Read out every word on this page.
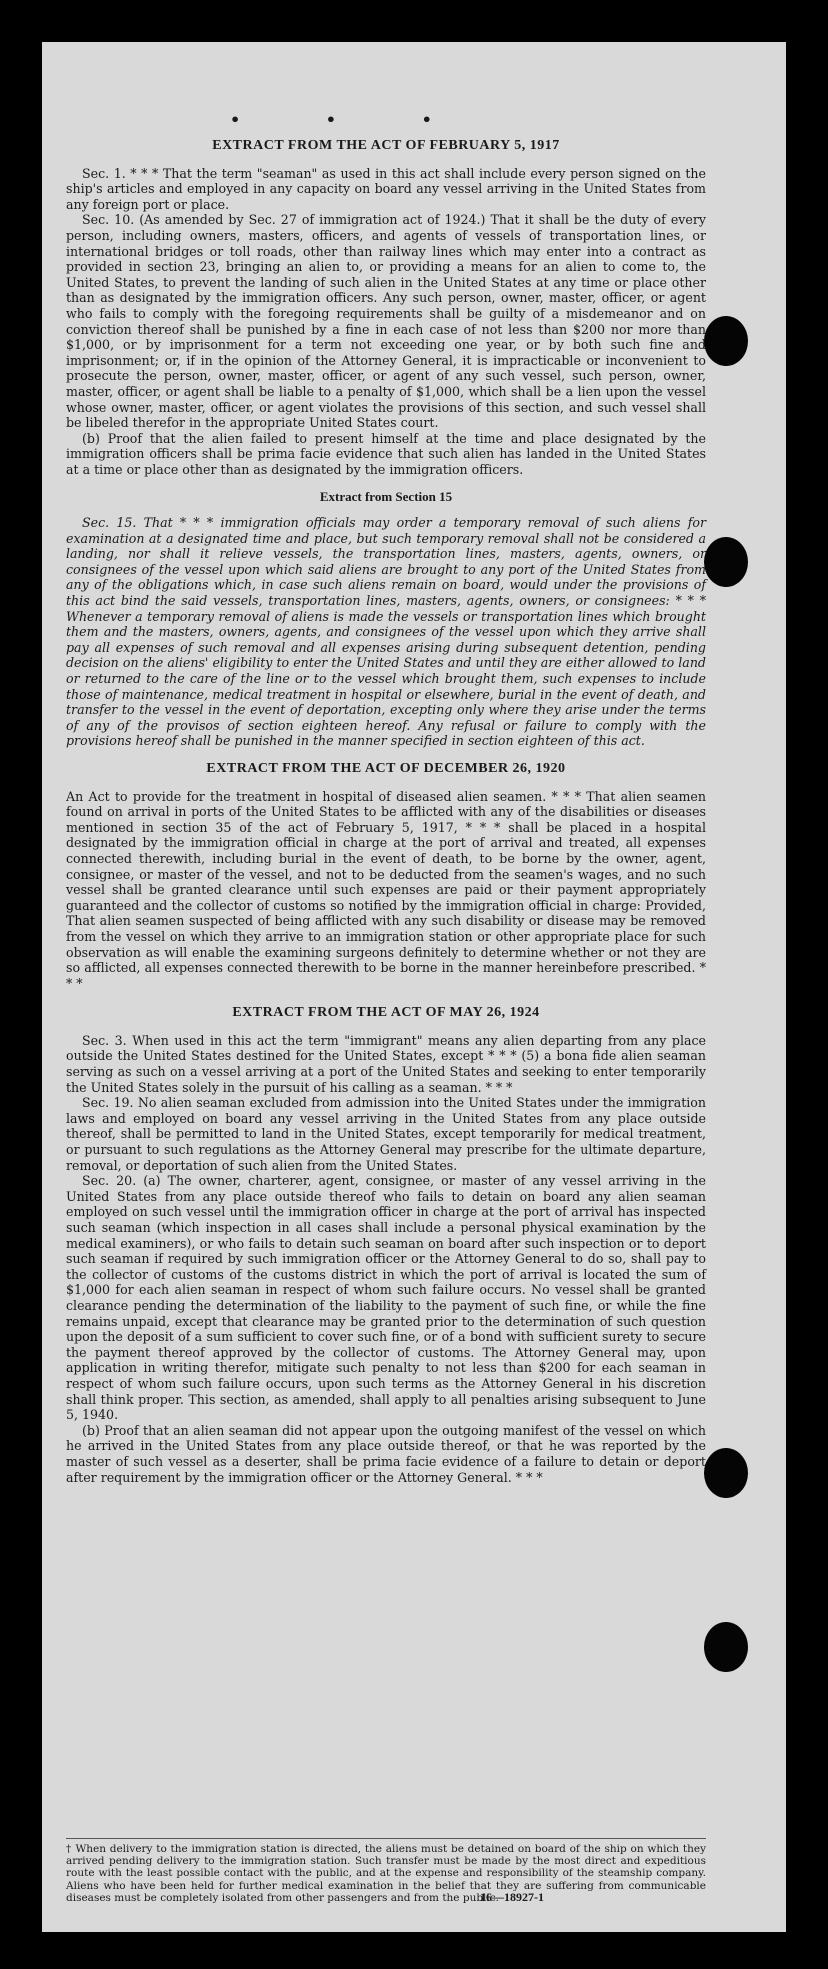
• • •
EXTRACT FROM THE ACT OF FEBRUARY 5, 1917

Sec. 1. * * * That the term "seaman" as used in this act shall include every person signed on the ship's articles and employed in any capacity on board any vessel arriving in the United States from any foreign port or place.

Sec. 10. (As amended by Sec. 27 of immigration act of 1924.) That it shall be the duty of every person, including owners, masters, officers, and agents of vessels of transportation lines, or international bridges or toll roads, other than railway lines which may enter into a contract as provided in section 23, bringing an alien to, or providing a means for an alien to come to, the United States, to prevent the landing of such alien in the United States at any time or place other than as designated by the immigration officers. Any such person, owner, master, officer, or agent who fails to comply with the foregoing requirements shall be guilty of a misdemeanor and on conviction thereof shall be punished by a fine in each case of not less than $200 nor more than $1,000, or by imprisonment for a term not exceeding one year, or by both such fine and imprisonment; or, if in the opinion of the Attorney General, it is impracticable or inconvenient to prosecute the person, owner, master, officer, or agent of any such vessel, such person, owner, master, officer, or agent shall be liable to a penalty of $1,000, which shall be a lien upon the vessel whose owner, master, officer, or agent violates the provisions of this section, and such vessel shall be libeled therefor in the appropriate United States court.

(b) Proof that the alien failed to present himself at the time and place designated by the immigration officers shall be prima facie evidence that such alien has landed in the United States at a time or place other than as designated by the immigration officers.

Extract from Section 15

Sec. 15. That * * * immigration officials may order a temporary removal of such aliens for examination at a designated time and place, but such temporary removal shall not be considered a landing, nor shall it relieve vessels, the transportation lines, masters, agents, owners, or consignees of the vessel upon which said aliens are brought to any port of the United States from any of the obligations which, in case such aliens remain on board, would under the provisions of this act bind the said vessels, transportation lines, masters, agents, owners, or consignees: * * * Whenever a temporary removal of aliens is made the vessels or transportation lines which brought them and the masters, owners, agents, and consignees of the vessel upon which they arrive shall pay all expenses of such removal and all expenses arising during subsequent detention, pending decision on the aliens' eligibility to enter the United States and until they are either allowed to land or returned to the care of the line or to the vessel which brought them, such expenses to include those of maintenance, medical treatment in hospital or elsewhere, burial in the event of death, and transfer to the vessel in the event of deportation, excepting only where they arise under the terms of any of the provisos of section eighteen hereof. Any refusal or failure to comply with the provisions hereof shall be punished in the manner specified in section eighteen of this act.

EXTRACT FROM THE ACT OF DECEMBER 26, 1920

An Act to provide for the treatment in hospital of diseased alien seamen. * * * That alien seamen found on arrival in ports of the United States to be afflicted with any of the disabilities or diseases mentioned in section 35 of the act of February 5, 1917, * * * shall be placed in a hospital designated by the immigration official in charge at the port of arrival and treated, all expenses connected therewith, including burial in the event of death, to be borne by the owner, agent, consignee, or master of the vessel, and not to be deducted from the seamen's wages, and no such vessel shall be granted clearance until such expenses are paid or their payment appropriately guaranteed and the collector of customs so notified by the immigration official in charge: Provided, That alien seamen suspected of being afflicted with any such disability or disease may be removed from the vessel on which they arrive to an immigration station or other appropriate place for such observation as will enable the examining surgeons definitely to determine whether or not they are so afflicted, all expenses connected therewith to be borne in the manner hereinbefore prescribed. * * *

EXTRACT FROM THE ACT OF MAY 26, 1924

Sec. 3. When used in this act the term "immigrant" means any alien departing from any place outside the United States destined for the United States, except * * * (5) a bona fide alien seaman serving as such on a vessel arriving at a port of the United States and seeking to enter temporarily the United States solely in the pursuit of his calling as a seaman. * * *

Sec. 19. No alien seaman excluded from admission into the United States under the immigration laws and employed on board any vessel arriving in the United States from any place outside thereof, shall be permitted to land in the United States, except temporarily for medical treatment, or pursuant to such regulations as the Attorney General may prescribe for the ultimate departure, removal, or deportation of such alien from the United States.

Sec. 20. (a) The owner, charterer, agent, consignee, or master of any vessel arriving in the United States from any place outside thereof who fails to detain on board any alien seaman employed on such vessel until the immigration officer in charge at the port of arrival has inspected such seaman (which inspection in all cases shall include a personal physical examination by the medical examiners), or who fails to detain such seaman on board after such inspection or to deport such seaman if required by such immigration officer or the Attorney General to do so, shall pay to the collector of customs of the customs district in which the port of arrival is located the sum of $1,000 for each alien seaman in respect of whom such failure occurs. No vessel shall be granted clearance pending the determination of the liability to the payment of such fine, or while the fine remains unpaid, except that clearance may be granted prior to the determination of such question upon the deposit of a sum sufficient to cover such fine, or of a bond with sufficient surety to secure the payment thereof approved by the collector of customs. The Attorney General may, upon application in writing therefor, mitigate such penalty to not less than $200 for each seaman in respect of whom such failure occurs, upon such terms as the Attorney General in his discretion shall think proper. This section, as amended, shall apply to all penalties arising subsequent to June 5, 1940.

(b) Proof that an alien seaman did not appear upon the outgoing manifest of the vessel on which he arrived in the United States from any place outside thereof, or that he was reported by the master of such vessel as a deserter, shall be prima facie evidence of a failure to detain or deport after requirement by the immigration officer or the Attorney General. * * *

† When delivery to the immigration station is directed, the aliens must be detained on board of the ship on which they arrived pending delivery to the immigration station. Such transfer must be made by the most direct and expeditious route with the least possible contact with the public, and at the expense and responsibility of the steamship company. Aliens who have been held for further medical examination in the belief that they are suffering from communicable diseases must be completely isolated from other passengers and from the public.
16—18927-1
